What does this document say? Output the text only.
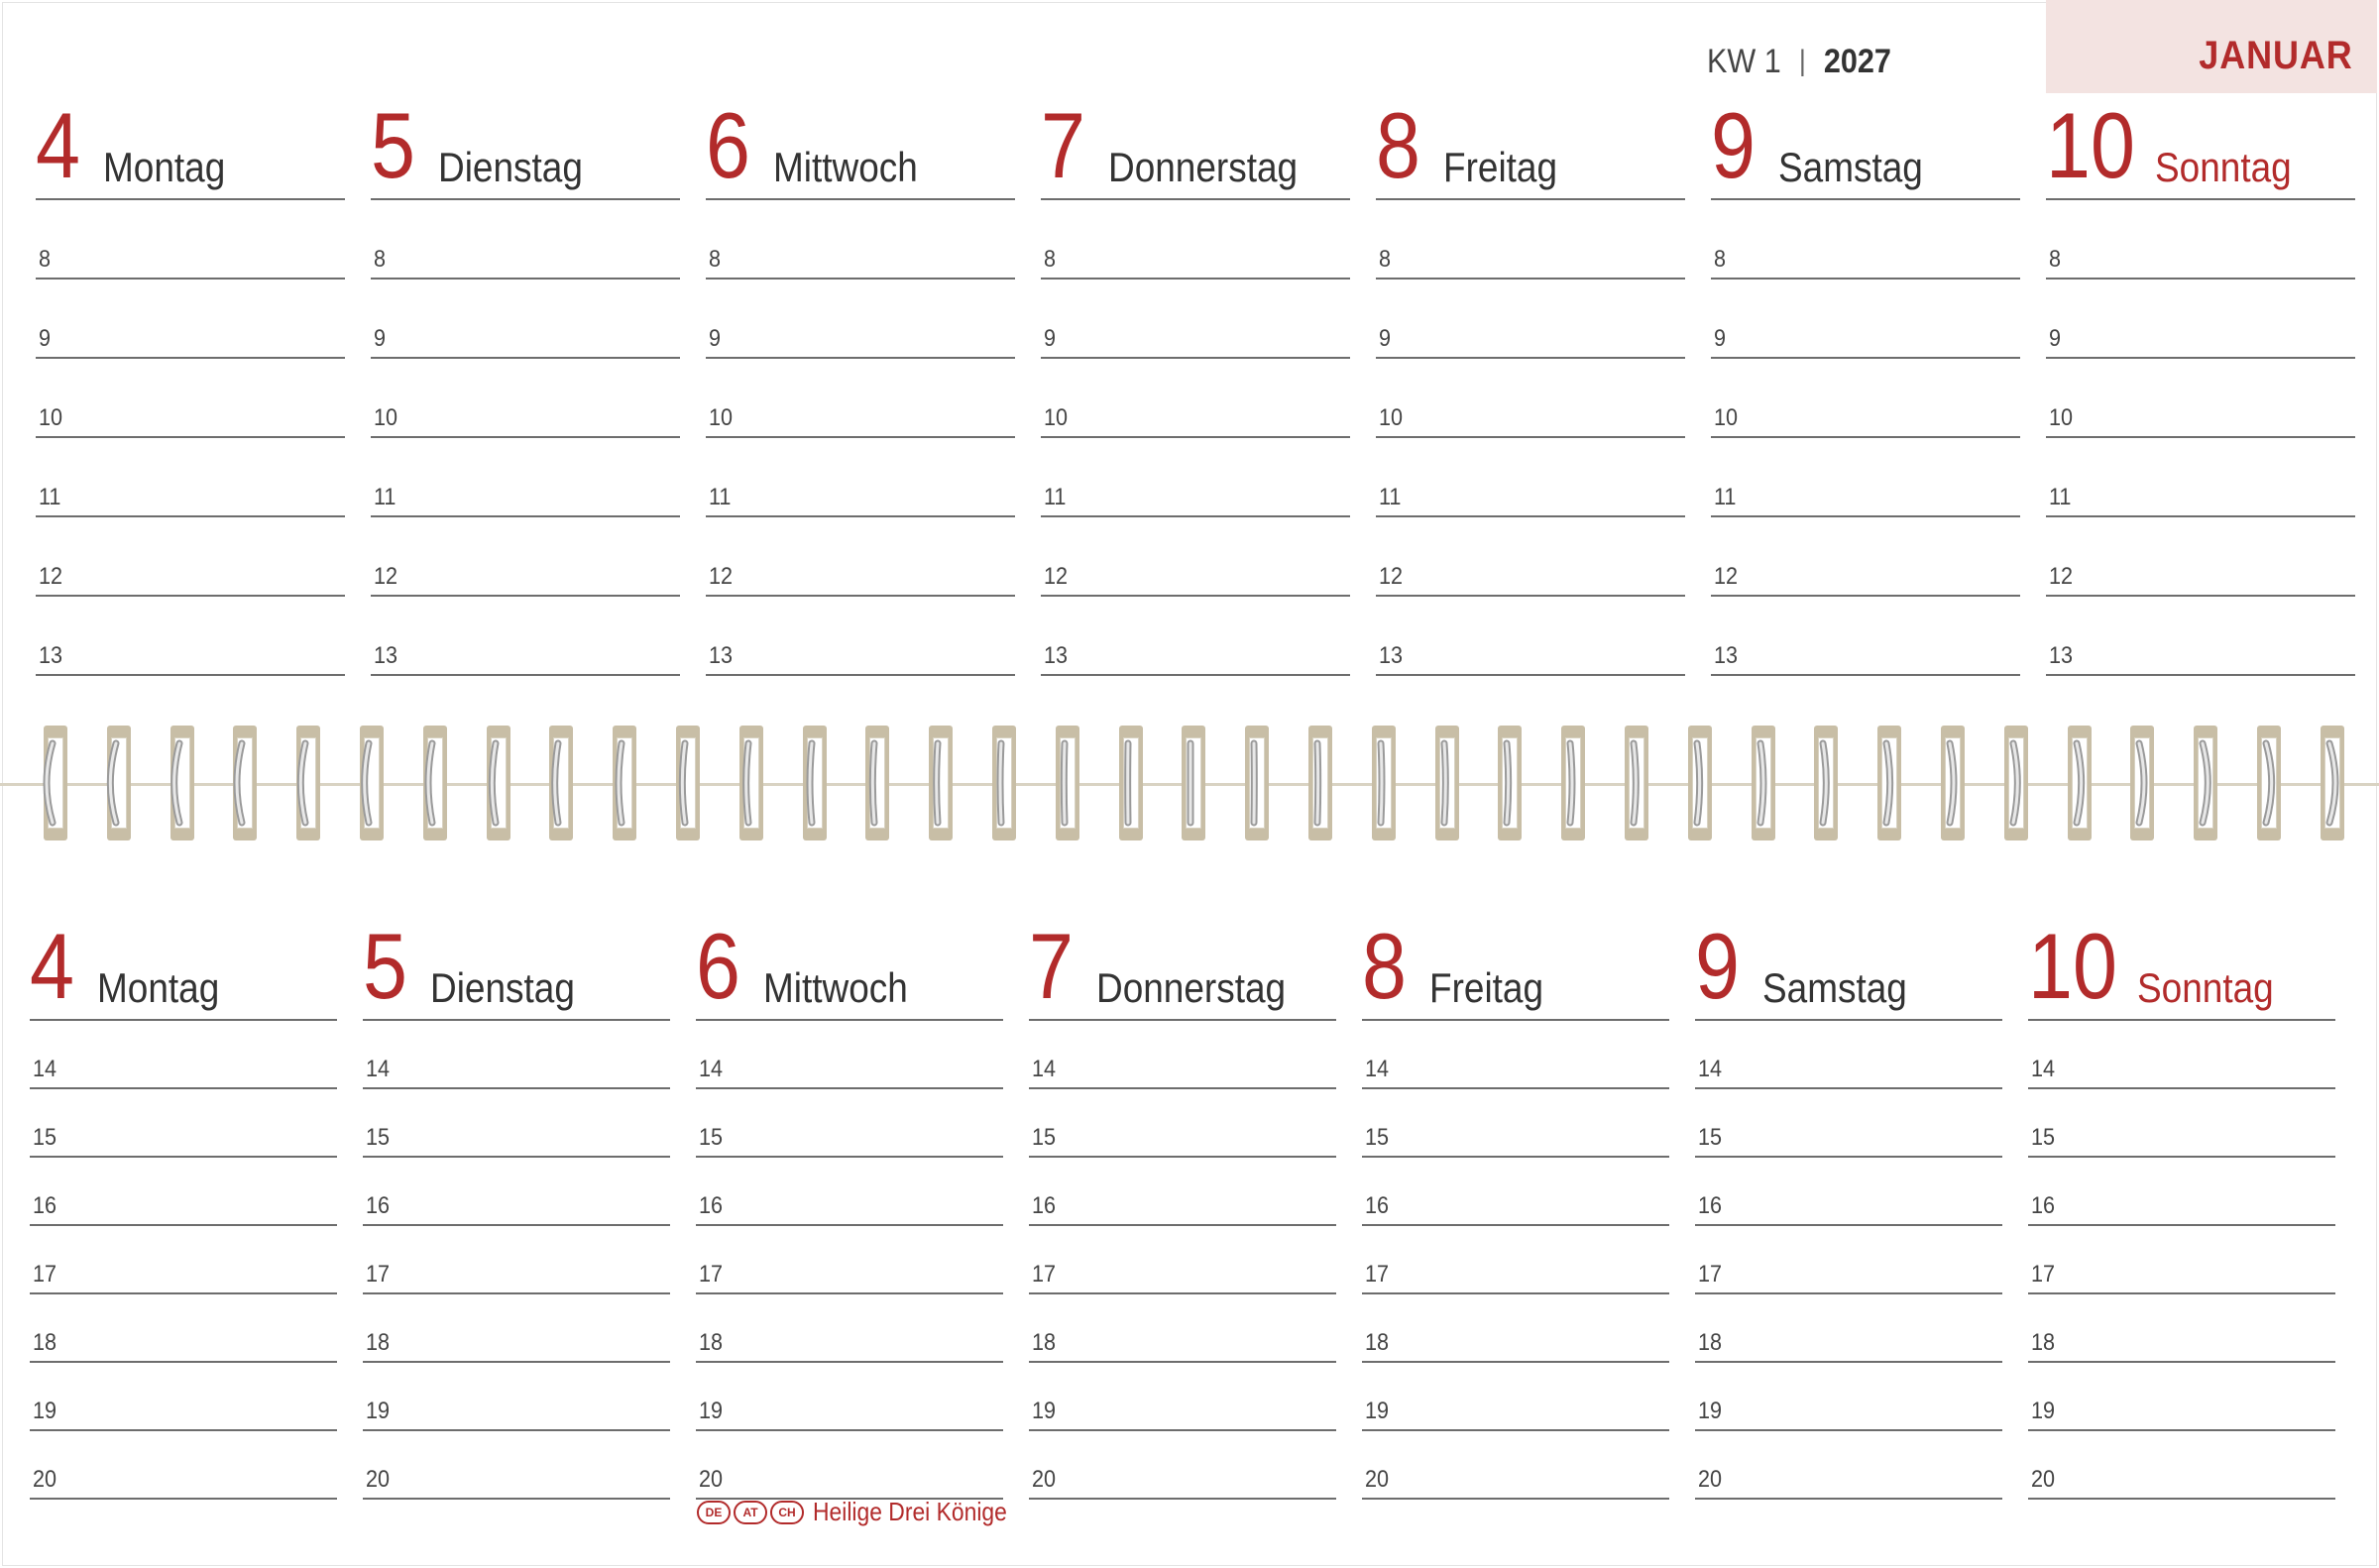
KW 1 | 2027	JANUAR
4 Montag
8
9
10
11
12
13
5 Dienstag
8
9
10
11
12
13
6 Mittwoch
8
9
10
11
12
13
7 Donnerstag
8
9
10
11
12
13
8 Freitag
8
9
10
11
12
13
9 Samstag
8
9
10
11
12
13
10 Sonntag
8
9
10
11
12
13
4 Montag
14
15
16
17
18
19
20
5 Dienstag
14
15
16
17
18
19
20
6 Mittwoch
14
15
16
17
18
19
20
7 Donnerstag
14
15
16
17
18
19
20
8 Freitag
14
15
16
17
18
19
20
9 Samstag
14
15
16
17
18
19
20
10 Sonntag
14
15
16
17
18
19
20
DE	AT	CH Heilige Drei Könige
